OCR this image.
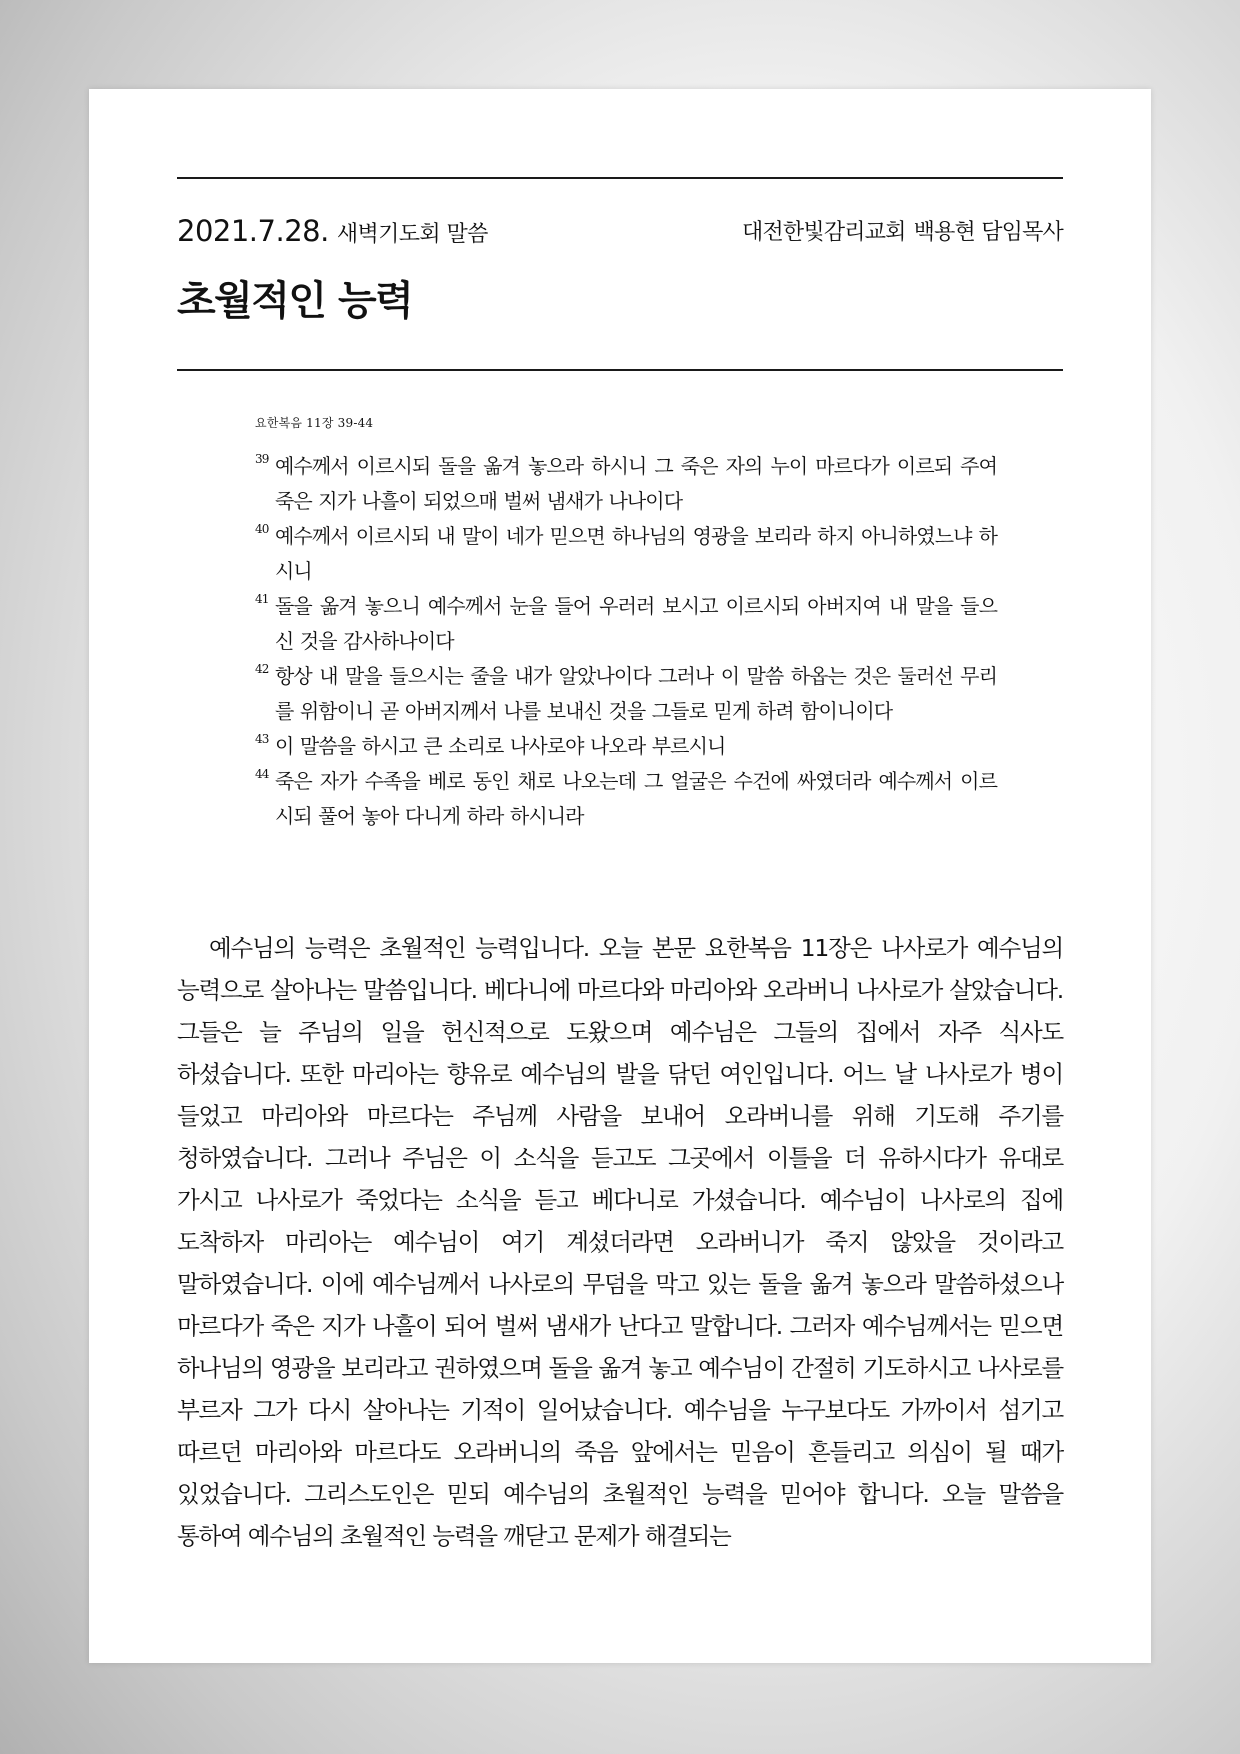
2021.7.28. 새벽기도회 말씀	대전한빛감리교회 백용현 담임목사
초월적인 능력
요한복음 11장 39-44
39 예수께서 이르시되 돌을 옮겨 놓으라 하시니 그 죽은 자의 누이 마르다가 이르되 주여 죽은 지가 나흘이 되었으매 벌써 냄새가 나나이다
40 예수께서 이르시되 내 말이 네가 믿으면 하나님의 영광을 보리라 하지 아니하였느냐 하시니
41 돌을 옮겨 놓으니 예수께서 눈을 들어 우러러 보시고 이르시되 아버지여 내 말을 들으신 것을 감사하나이다
42 항상 내 말을 들으시는 줄을 내가 알았나이다 그러나 이 말씀 하옵는 것은 둘러선 무리를 위함이니 곧 아버지께서 나를 보내신 것을 그들로 믿게 하려 함이니이다
43 이 말씀을 하시고 큰 소리로 나사로야 나오라 부르시니
44 죽은 자가 수족을 베로 동인 채로 나오는데 그 얼굴은 수건에 싸였더라 예수께서 이르시되 풀어 놓아 다니게 하라 하시니라

예수님의 능력은 초월적인 능력입니다. 오늘 본문 요한복음 11장은 나사로가 예수님의 능력으로 살아나는 말씀입니다. 베다니에 마르다와 마리아와 오라버니 나사로가 살았습니다. 그들은 늘 주님의 일을 헌신적으로 도왔으며 예수님은 그들의 집에서 자주 식사도 하셨습니다. 또한 마리아는 향유로 예수님의 발을 닦던 여인입니다. 어느 날 나사로가 병이 들었고 마리아와 마르다는 주님께 사람을 보내어 오라버니를 위해 기도해 주기를 청하였습니다. 그러나 주님은 이 소식을 듣고도 그곳에서 이틀을 더 유하시다가 유대로 가시고 나사로가 죽었다는 소식을 듣고 베다니로 가셨습니다. 예수님이 나사로의 집에 도착하자 마리아는 예수님이 여기 계셨더라면 오라버니가 죽지 않았을 것이라고 말하였습니다. 이에 예수님께서 나사로의 무덤을 막고 있는 돌을 옮겨 놓으라 말씀하셨으나 마르다가 죽은 지가 나흘이 되어 벌써 냄새가 난다고 말합니다. 그러자 예수님께서는 믿으면 하나님의 영광을 보리라고 권하였으며 돌을 옮겨 놓고 예수님이 간절히 기도하시고 나사로를 부르자 그가 다시 살아나는 기적이 일어났습니다. 예수님을 누구보다도 가까이서 섬기고 따르던 마리아와 마르다도 오라버니의 죽음 앞에서는 믿음이 흔들리고 의심이 될 때가 있었습니다. 그리스도인은 믿되 예수님의 초월적인 능력을 믿어야 합니다. 오늘 말씀을 통하여 예수님의 초월적인 능력을 깨닫고 문제가 해결되는
